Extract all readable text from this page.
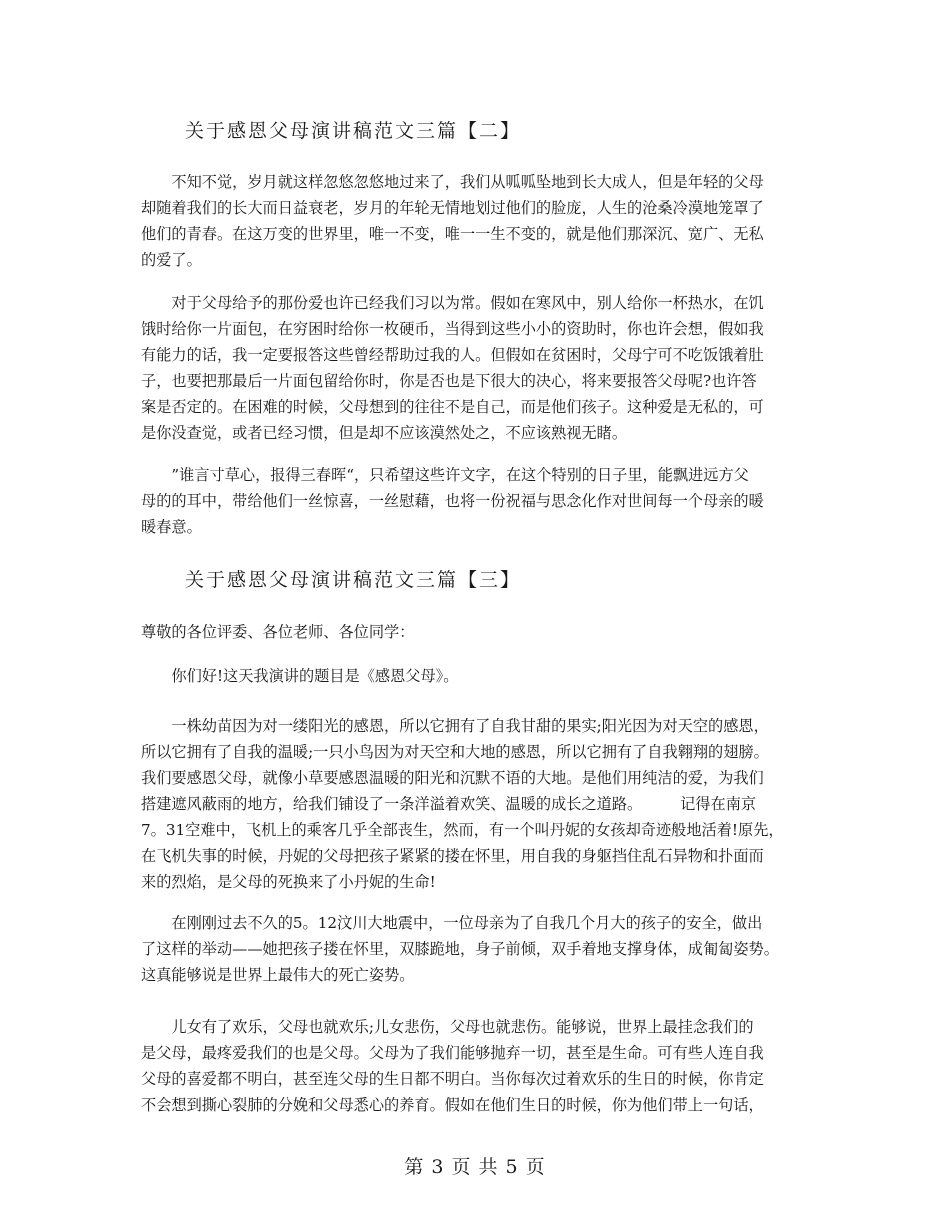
关于感恩父母演讲稿范文三篇【二】
　　不知不觉，岁月就这样忽悠忽悠地过来了，我们从呱呱坠地到长大成人，但是年轻的父母
却随着我们的长大而日益衰老，岁月的年轮无情地划过他们的脸庞，人生的沧桑冷漠地笼罩了
他们的青春。在这万变的世界里，唯一不变，唯一一生不变的，就是他们那深沉、宽广、无私
的爱了。
　　对于父母给予的那份爱也许已经我们习以为常。假如在寒风中，别人给你一杯热水，在饥
饿时给你一片面包，在穷困时给你一枚硬币，当得到这些小小的资助时，你也许会想，假如我
有能力的话，我一定要报答这些曾经帮助过我的人。但假如在贫困时，父母宁可不吃饭饿着肚
子，也要把那最后一片面包留给你时，你是否也是下很大的决心，将来要报答父母呢?也许答
案是否定的。在困难的时候，父母想到的往往不是自己，而是他们孩子。这种爱是无私的，可
是你没查觉，或者已经习惯，但是却不应该漠然处之，不应该熟视无睹。
　　”谁言寸草心，报得三春晖“，只希望这些许文字，在这个特别的日子里，能飘进远方父
母的的耳中，带给他们一丝惊喜，一丝慰藉，也将一份祝福与思念化作对世间每一个母亲的暖
暖春意。
关于感恩父母演讲稿范文三篇【三】
尊敬的各位评委、各位老师、各位同学：
　　你们好!这天我演讲的题目是《感恩父母》。
　　一株幼苗因为对一缕阳光的感恩，所以它拥有了自我甘甜的果实;阳光因为对天空的感恩，
所以它拥有了自我的温暖;一只小鸟因为对天空和大地的感恩，所以它拥有了自我翱翔的翅膀。
我们要感恩父母，就像小草要感恩温暖的阳光和沉默不语的大地。是他们用纯洁的爱，为我们
搭建遮风蔽雨的地方，给我们铺设了一条洋溢着欢笑、温暖的成长之道路。　　　记得在南京
7。31空难中，飞机上的乘客几乎全部丧生，然而，有一个叫丹妮的女孩却奇迹般地活着!原先，
在飞机失事的时候，丹妮的父母把孩子紧紧的搂在怀里，用自我的身躯挡住乱石异物和扑面而
来的烈焰，是父母的死换来了小丹妮的生命!
　　在刚刚过去不久的5。12汶川大地震中，一位母亲为了自我几个月大的孩子的安全，做出
了这样的举动——她把孩子搂在怀里，双膝跪地，身子前倾，双手着地支撑身体，成匍匐姿势。
这真能够说是世界上最伟大的死亡姿势。
　　儿女有了欢乐，父母也就欢乐;儿女悲伤，父母也就悲伤。能够说，世界上最挂念我们的
是父母，最疼爱我们的也是父母。父母为了我们能够抛弃一切，甚至是生命。可有些人连自我
父母的喜爱都不明白，甚至连父母的生日都不明白。当你每次过着欢乐的生日的时候，你肯定
不会想到撕心裂肺的分娩和父母悉心的养育。假如在他们生日的时候，你为他们带上一句话，
第 3 页 共 5 页
